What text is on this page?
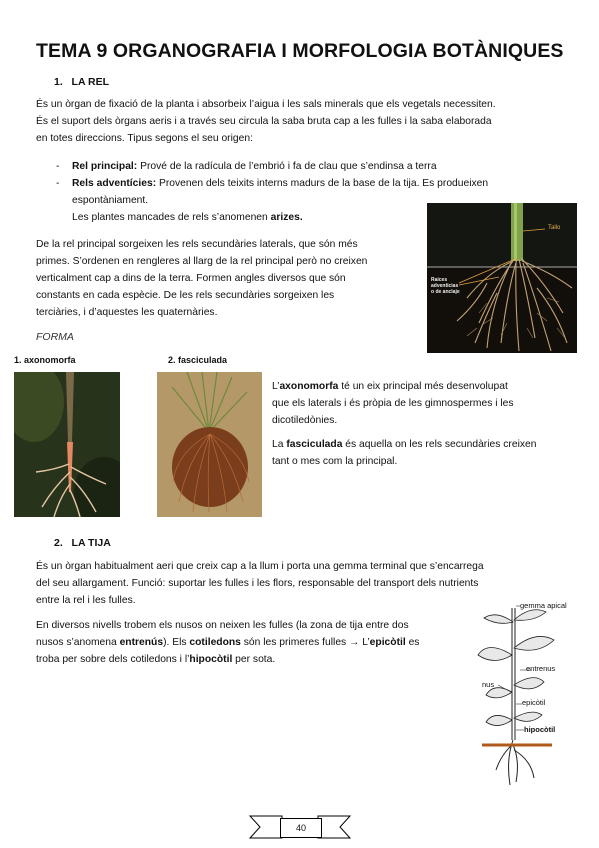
TEMA 9 ORGANOGRAFIA I MORFOLOGIA BOTÀNIQUES
1. LA REL
És un òrgan de fixació de la planta i absorbeix l’aigua i les sals minerals que els vegetals necessiten.
És el suport dels òrgans aeris i a través seu circula la saba bruta cap a les fulles i la saba elaborada
en totes direccions. Tipus segons el seu origen:
- Rel principal: Prové de la radícula de l’embrió i fa de clau que s’endinsa a terra
- Rels adventícies: Provenen dels teixits interns madurs de la base de la tija. Es produeixen
espontàniament.
Les plantes mancades de rels s’anomenen arizes.
De la rel principal sorgeixen les rels secundàries laterals, que són més
primes. S’ordenen en rengleres al llarg de la rel principal però no creixen
verticalment cap a dins de la terra. Formen angles diversos que són
constants en cada espècie. De les rels secundàries sorgeixen les
terciàries, i d’aquestes les quaternàries.
Tallo
Raíces
adventicias
o de anclaje
FORMA
1. axonomorfa	2. fasciculada
L’axonomorfa té un eix principal més desenvolupat
que els laterals i és pròpia de les gimnospermes i les
dicotiledònies.
La fasciculada és aquella on les rels secundàries creixen
tant o mes com la principal.
2. LA TIJA
És un òrgan habitualment aeri que creix cap a la llum i porta una gemma terminal que s’encarrega
del seu allargament. Funció: suportar les fulles i les flors, responsable del transport dels nutrients
entre la rel i les fulles.
En diversos nivells trobem els nusos on neixen les fulles (la zona de tija entre dos
nusos s’anomena entrenús). Els cotiledons són les primeres fulles → L’epicòtil es
troba per sobre dels cotiledons i l’hipocòtil per sota.
gemma apical
entrenus
nus
epicòtil
hipocòtil
40
